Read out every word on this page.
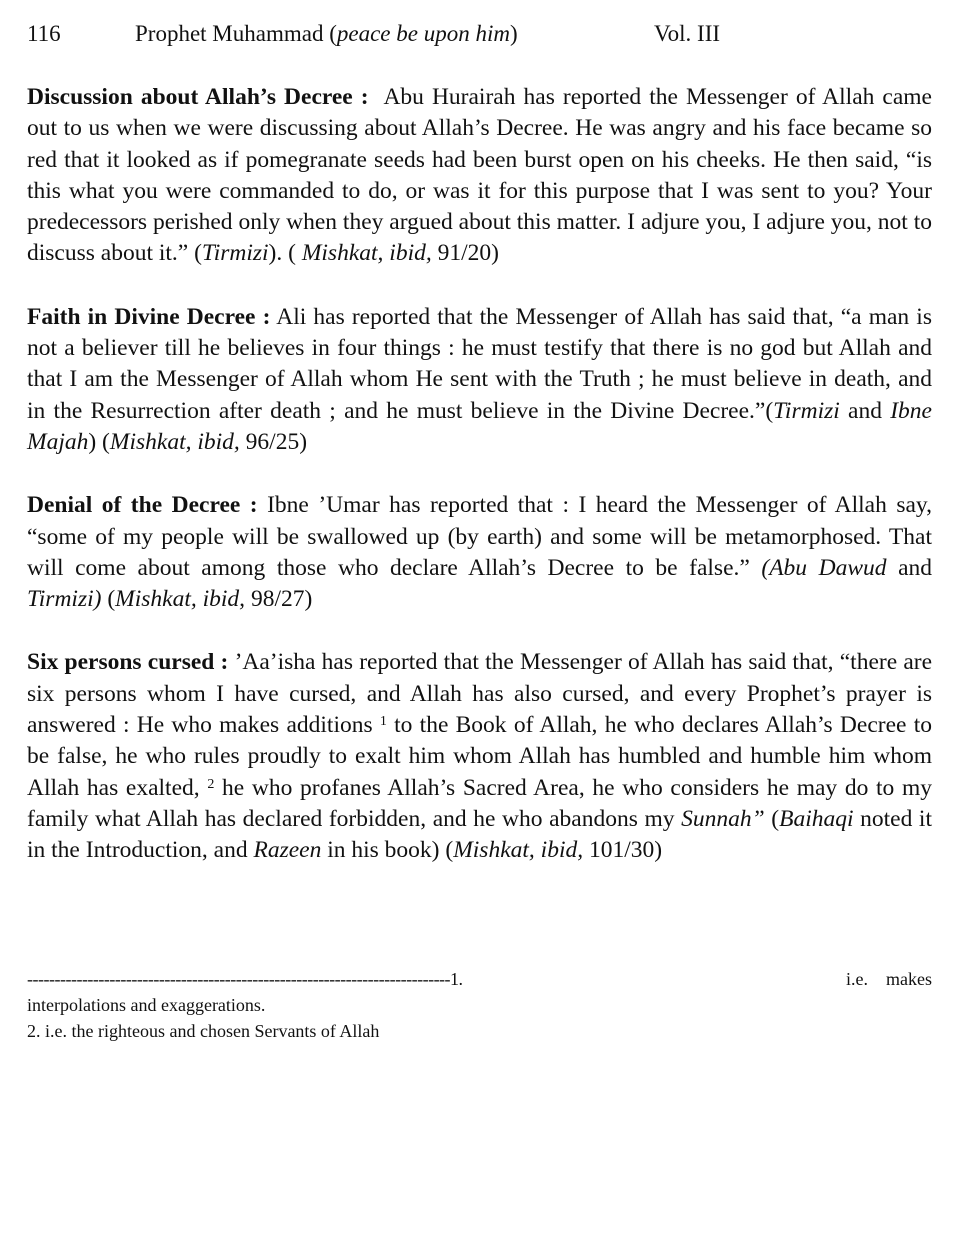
116	Prophet Muhammad (peace be upon him)	Vol. III

Discussion about Allah’s Decree : Abu Hurairah has reported the Messenger of Allah came out to us when we were discussing about Allah’s Decree. He was angry and his face became so red that it looked as if pomegranate seeds had been burst open on his cheeks. He then said, “is this what you were commanded to do, or was it for this purpose that I was sent to you? Your predecessors perished only when they argued about this matter. I adjure you, I adjure you, not to discuss about it.” (Tirmizi). ( Mishkat, ibid, 91/20)

Faith in Divine Decree : Ali has reported that the Messenger of Allah has said that, “a man is not a believer till he believes in four things : he must testify that there is no god but Allah and that I am the Messenger of Allah whom He sent with the Truth ; he must believe in death, and in the Resurrection after death ; and he must believe in the Divine Decree.”(Tirmizi and Ibne Majah) (Mishkat, ibid, 96/25)

Denial of the Decree : Ibne ’Umar has reported that : I heard the Messenger of Allah say, “some of my people will be swallowed up (by earth) and some will be metamorphosed. That will come about among those who declare Allah’s Decree to be false.” (Abu Dawud and Tirmizi) (Mishkat, ibid, 98/27)

Six persons cursed : ’Aa’isha has reported that the Messenger of Allah has said that, “there are six persons whom I have cursed, and Allah has also cursed, and every Prophet’s prayer is answered : He who makes additions $^1$ to the Book of Allah, he who declares Allah’s Decree to be false, he who rules proudly to exalt him whom Allah has humbled and humble him whom Allah has exalted, $^2$ he who profanes Allah’s Sacred Area, he who considers he may do to my family what Allah has declared forbidden, and he who abandons my Sunnah” (Baihaqi noted it in the Introduction, and Razeen in his book) (Mishkat, ibid, 101/30)

-----------------------------------------------------------------------------1.	i.e.    makes
interpolations and exaggerations.
2. i.e. the righteous and chosen Servants of Allah
